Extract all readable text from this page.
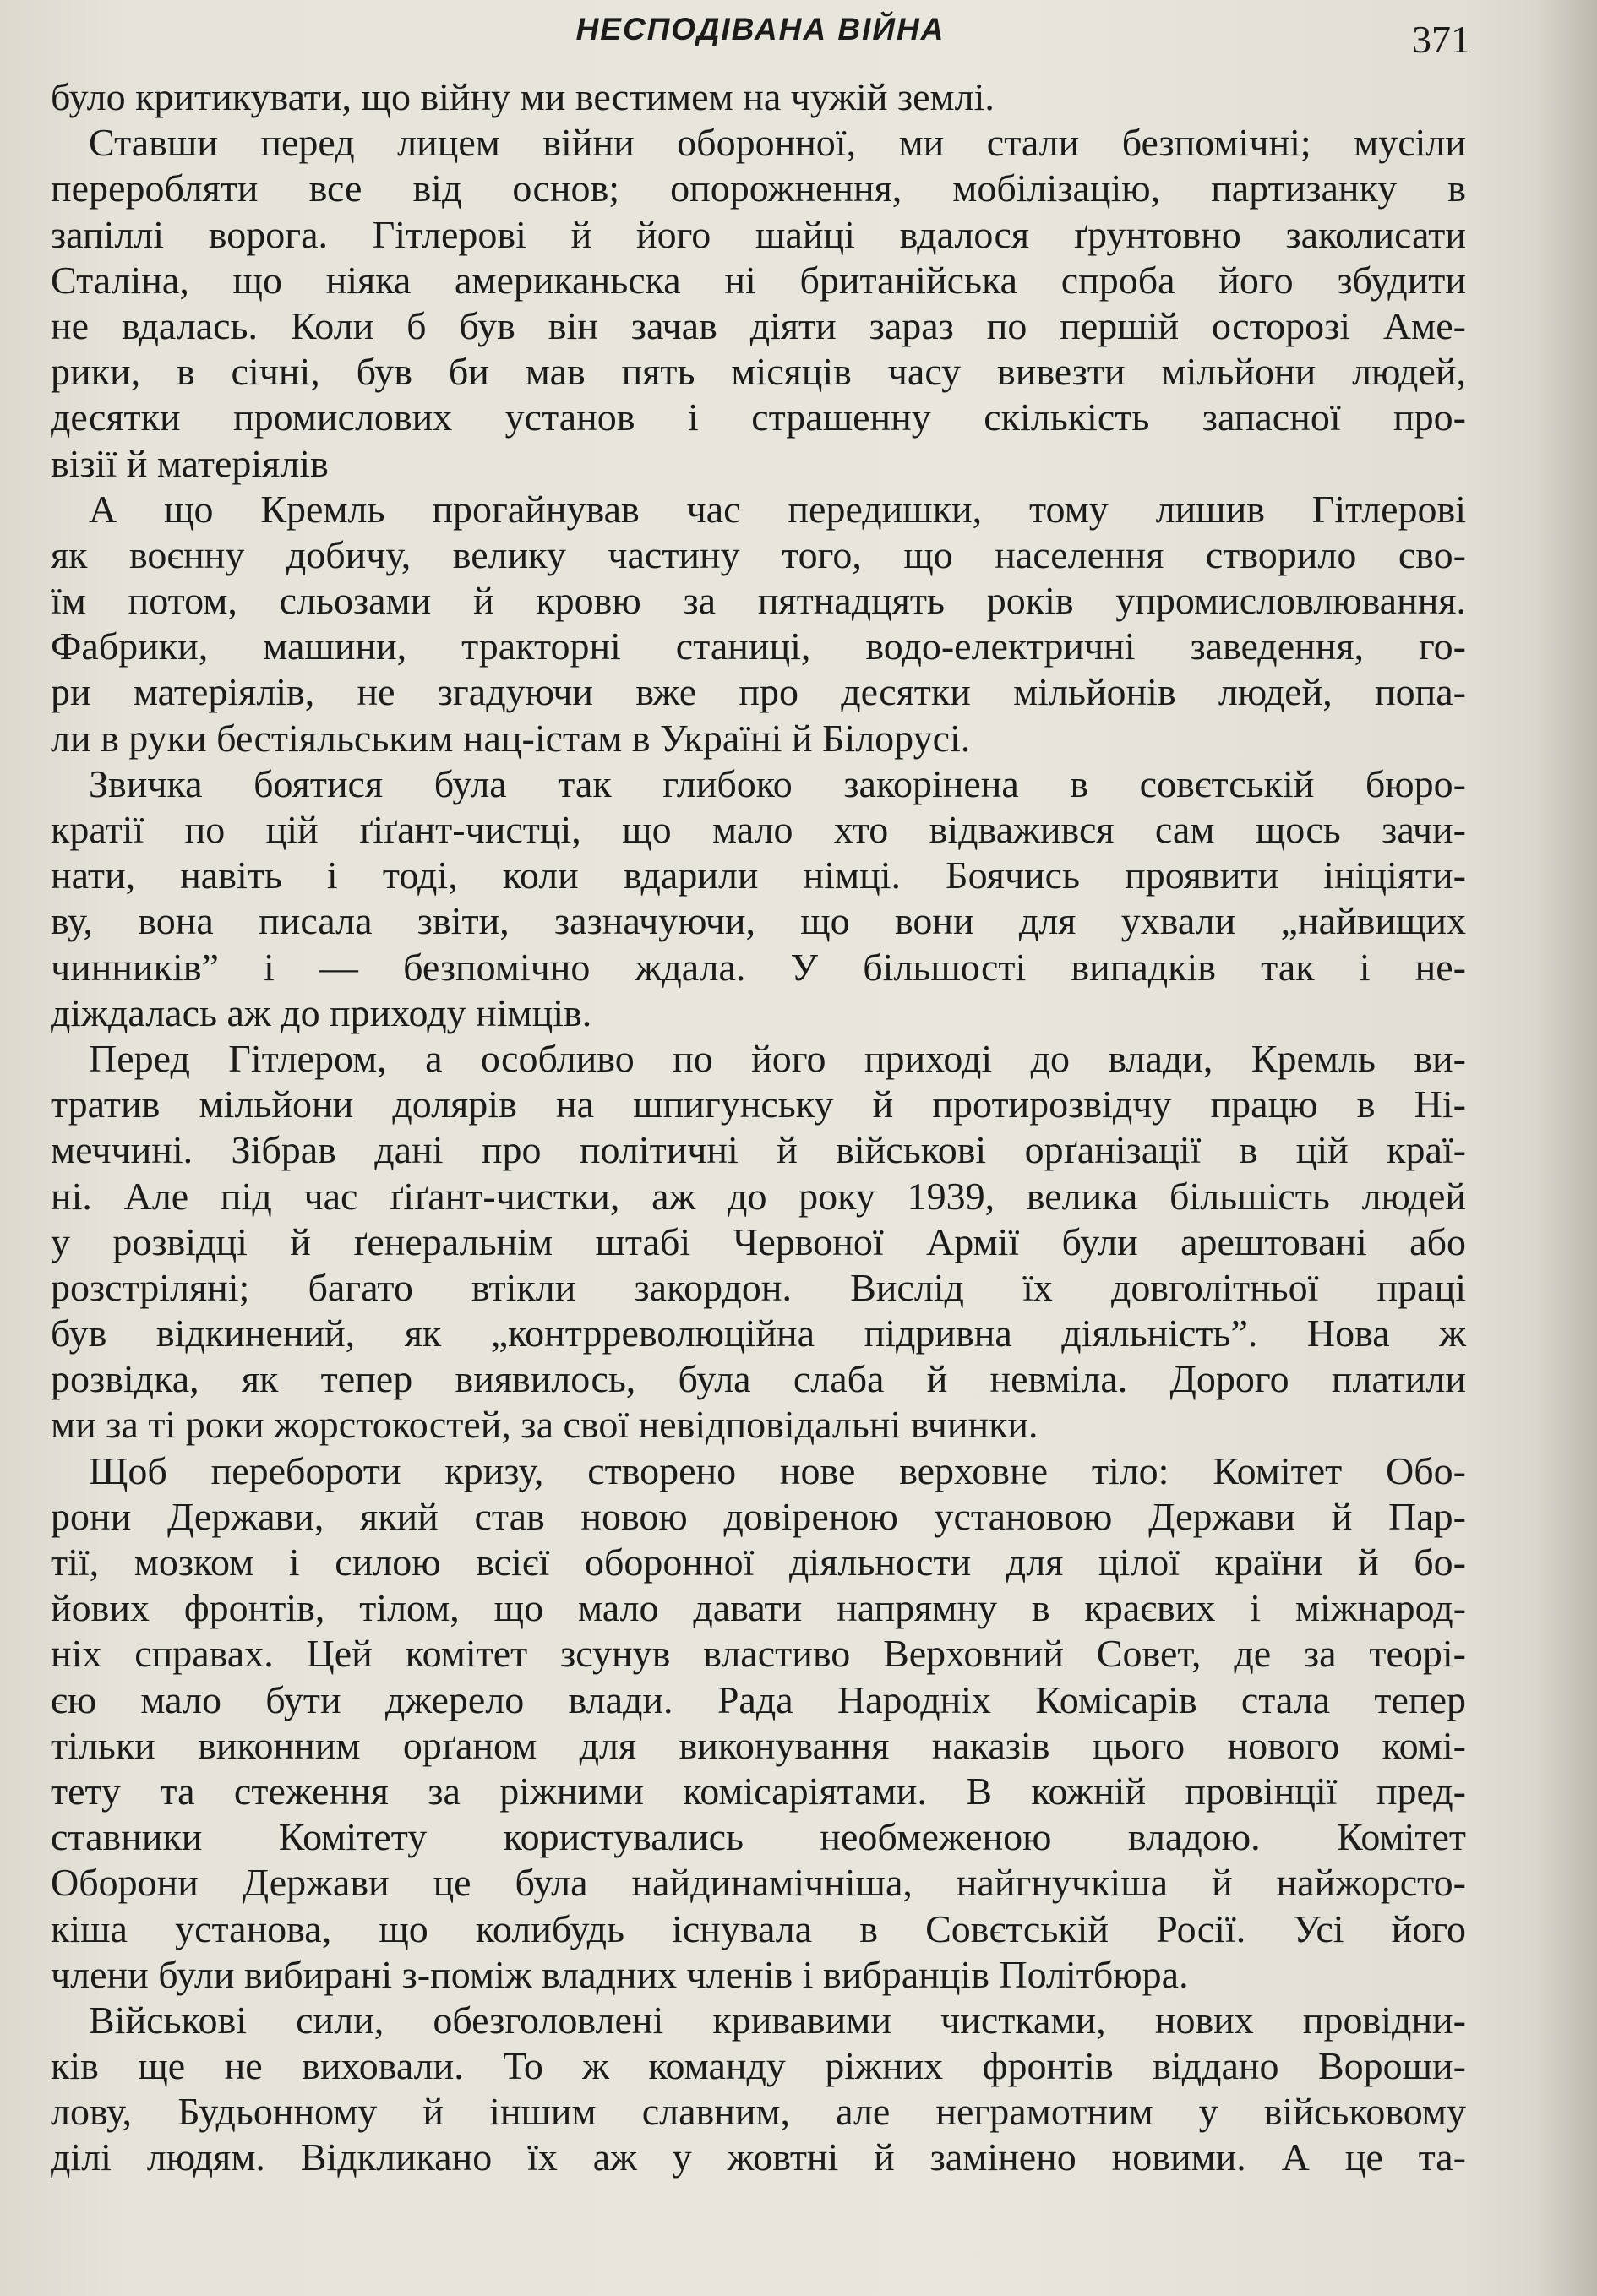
НЕСПОДІВАНА ВІЙНА	371
було критикувати, що війну ми вестимем на чужій землі.
Ставши перед лицем війни оборонної, ми стали безпомічні; мусіли
переробляти все від основ; опорожнення, мобілізацію, партизанку в
запіллі ворога. Гітлерові й його шайці вдалося ґрунтовно заколисати
Сталіна, що ніяка американьска ні британійська спроба його збудити
не вдалась. Коли б був він зачав діяти зараз по першій осторозі Аме-
рики, в січні, був би мав пять місяців часу вивезти мільйони людей,
десятки промислових установ і страшенну скількість запасної про-
візії й матеріялів
А що Кремль прогайнував час передишки, тому лишив Гітлерові
як воєнну добичу, велику частину того, що населення створило сво-
їм потом, сльозами й кровю за пятнадцять років упромисловлювання.
Фабрики, машини, тракторні станиці, водо-електричні заведення, го-
ри матеріялів, не згадуючи вже про десятки мільйонів людей, попа-
ли в руки бестіяльським нац-істам в Україні й Білорусі.
Звичка боятися була так глибоко закорінена в совєтській бюро-
кратії по цій ґіґант-чистці, що мало хто відважився сам щось зачи-
нати, навіть і тоді, коли вдарили німці. Боячись проявити ініціяти-
ву, вона писала звіти, зазначуючи, що вони для ухвали „найвищих
чинників” і — безпомічно ждала. У більшості випадків так і не-
діждалась аж до приходу німців.
Перед Гітлером, а особливо по його приході до влади, Кремль ви-
тратив мільйони долярів на шпигунську й протирозвідчу працю в Ні-
меччині. Зібрав дані про політичні й військові орґанізації в цій краї-
ні. Але під час ґіґант-чистки, аж до року 1939, велика більшість людей
у розвідці й ґенеральнім штабі Червоної Армії були арештовані або
розстріляні; багато втікли закордон. Вислід їх довголітньої праці
був відкинений, як „контрреволюційна підривна діяльність”. Нова ж
розвідка, як тепер виявилось, була слаба й невміла. Дорого платили
ми за ті роки жорстокостей, за свої невідповідальні вчинки.
Щоб перебороти кризу, створено нове верховне тіло: Комітет Обо-
рони Держави, який став новою довіреною установою Держави й Пар-
тії, мозком і силою всієї оборонної діяльности для цілої країни й бо-
йових фронтів, тілом, що мало давати напрямну в краєвих і міжнарод-
ніх справах. Цей комітет зсунув властиво Верховний Совет, де за теорі-
єю мало бути джерело влади. Рада Народніх Комісарів стала тепер
тільки виконним орґаном для виконування наказів цього нового комі-
тету та стеження за ріжними комісаріятами. В кожній провінції пред-
ставники Комітету користувались необмеженою владою. Комітет
Оборони Держави це була найдинамічніша, найгнучкіша й найжорсто-
кіша установа, що колибудь існувала в Совєтській Росії. Усі його
члени були вибирані з-поміж владних членів і вибранців Політбюра.
Військові сили, обезголовлені кривавими чистками, нових провідни-
ків ще не виховали. То ж команду ріжних фронтів віддано Вороши-
лову, Будьонному й іншим славним, але неграмотним у військовому
ділі людям. Відкликано їх аж у жовтні й замінено новими. А це та-
